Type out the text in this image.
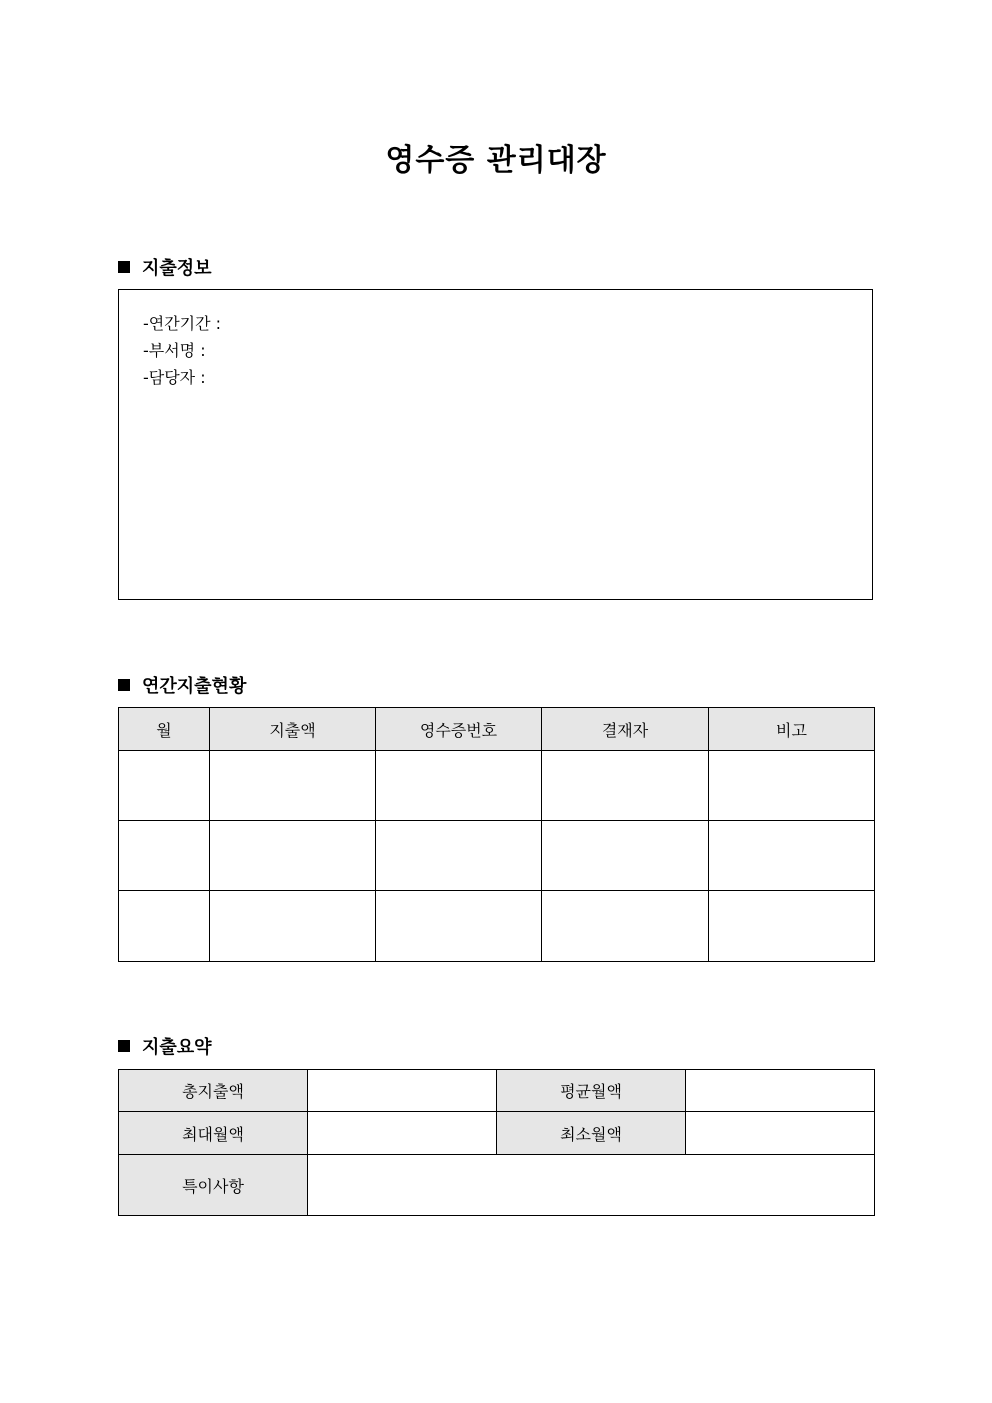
영수증 관리대장
지출정보
-연간기간 :
-부서명 :
-담당자 :
연간지출현황
월	지출액	영수증번호	결재자	비고

지출요약
총지출액		평균월액	
최대월액		최소월액	
특이사항			
